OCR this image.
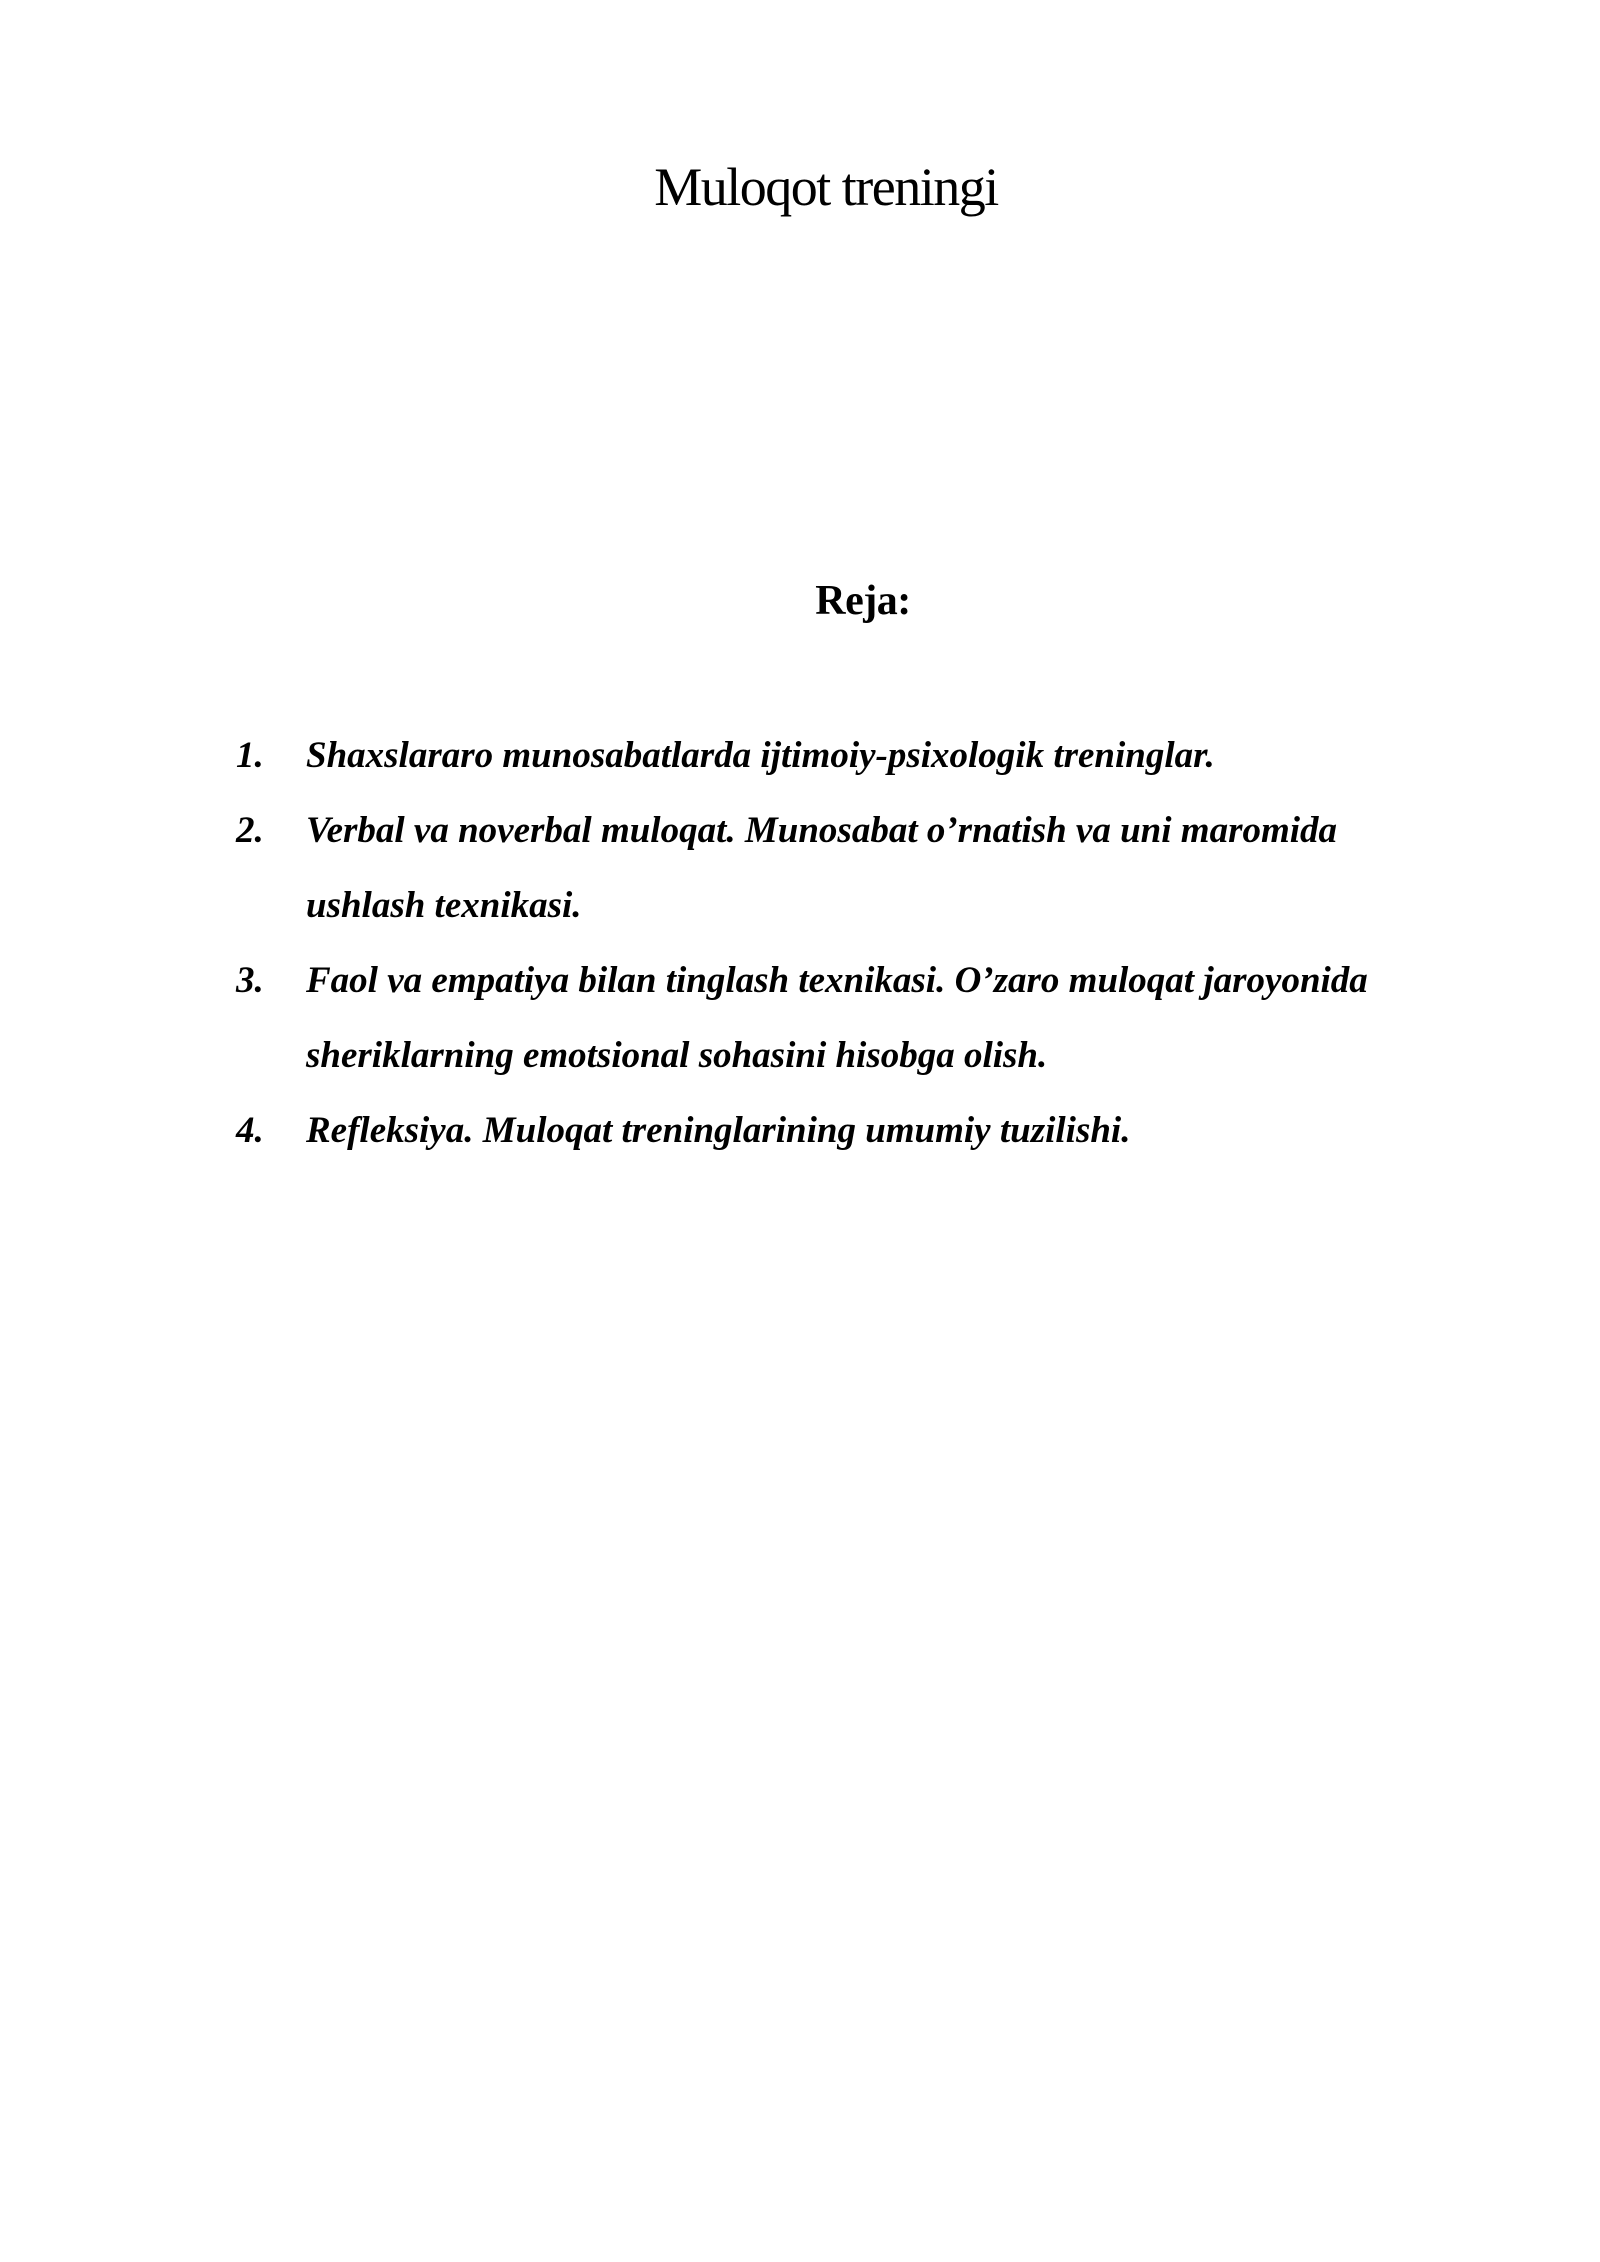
Muloqot treningi
Reja:
1.	Shaxslararo munosabatlarda ijtimoiy-psixologik treninglar.
2.	Verbal va noverbal muloqat. Munosabat o’rnatish va uni maromida ushlash texnikasi.
3.	Faol va empatiya bilan tinglash texnikasi. O’zaro muloqat jaroyonida sheriklarning emotsional sohasini hisobga olish.
4.	Refleksiya. Muloqat treninglarining umumiy tuzilishi.
